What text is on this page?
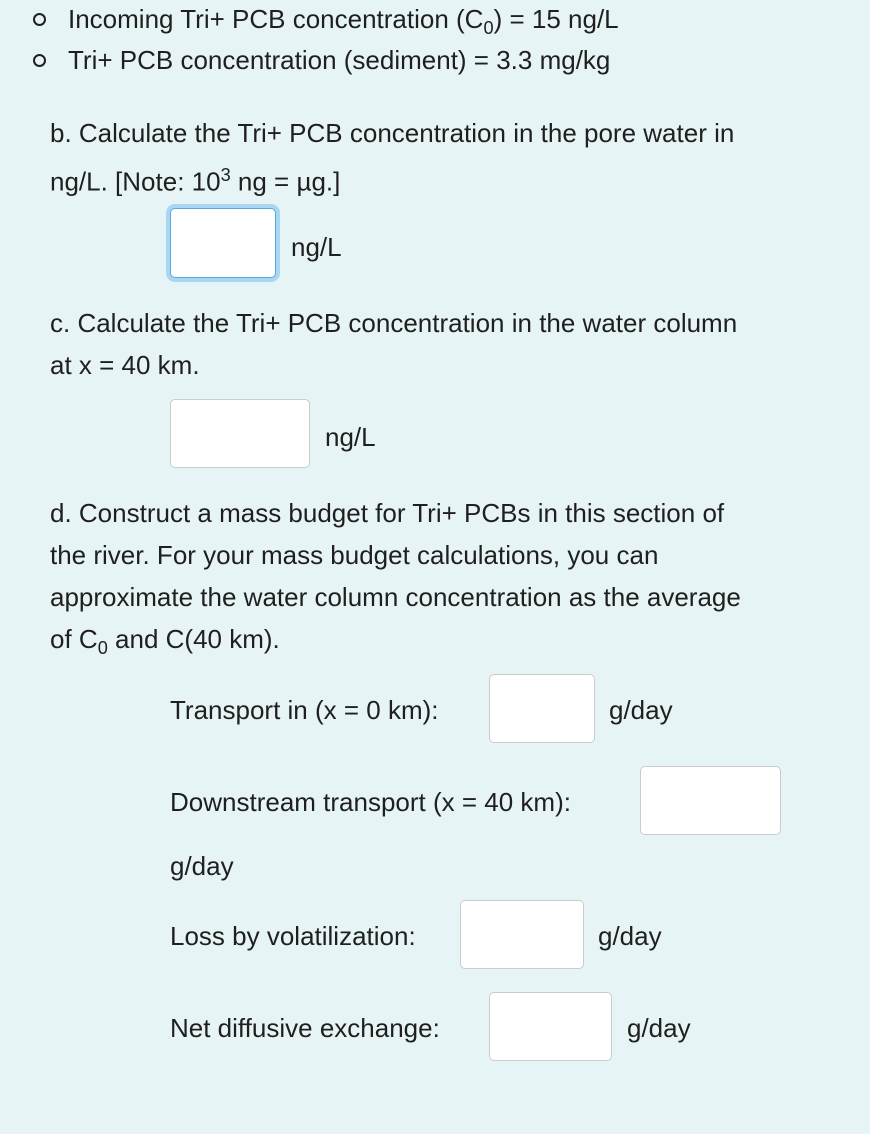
Incoming Tri+ PCB concentration $(C_0) = 15$ ng/L
Tri+ PCB concentration (sediment) = 3.3 mg/kg
b. Calculate the Tri+ PCB concentration in the pore water in
ng/L. [Note: $10^3$ ng = µg.]
ng/L
c. Calculate the Tri+ PCB concentration in the water column
at x = 40 km.
ng/L
d. Construct a mass budget for Tri+ PCBs in this section of
the river. For your mass budget calculations, you can
approximate the water column concentration as the average
of $C_0$ and C(40 km).
Transport in (x = 0 km):	g/day
Downstream transport (x = 40 km):
g/day
Loss by volatilization:	g/day
Net diffusive exchange:	g/day
